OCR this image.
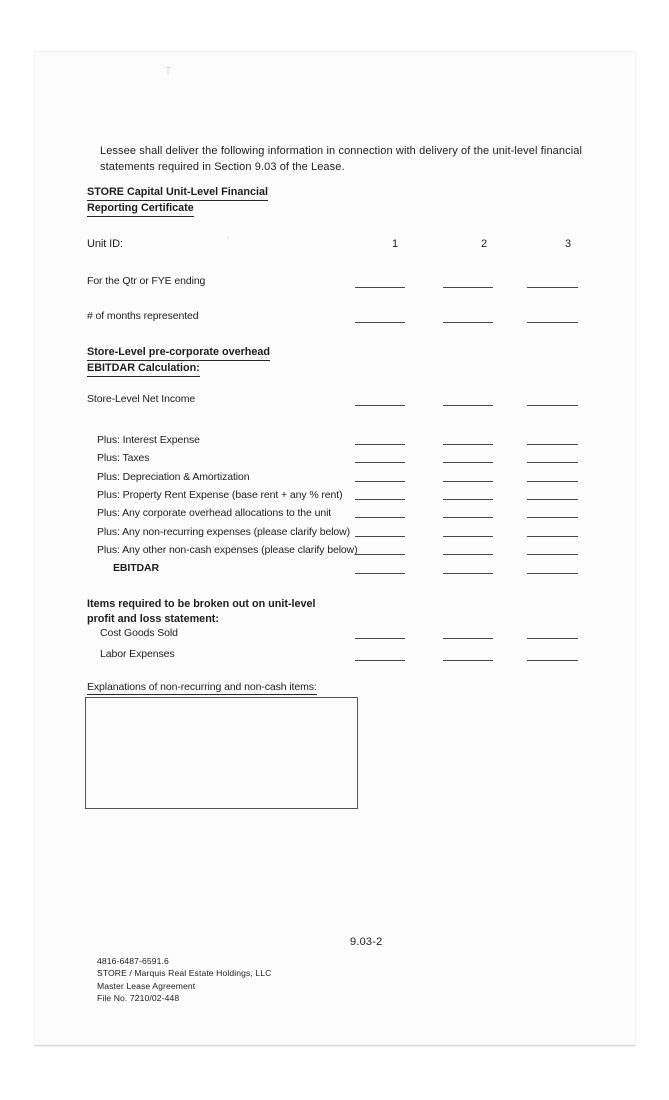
T
'
Lessee shall deliver the following information in connection with delivery of the unit-level financial statements required in Section 9.03 of the Lease.
STORE Capital Unit-Level Financial
Reporting Certificate
Unit ID:	1	2	3
For the Qtr or FYE ending
# of months represented
Store-Level pre-corporate overhead
EBITDAR Calculation:
Store-Level Net Income
Plus: Interest Expense
Plus: Taxes
Plus: Depreciation & Amortization
Plus: Property Rent Expense (base rent + any % rent)
Plus: Any corporate overhead allocations to the unit
Plus: Any non-recurring expenses (please clarify below)
Plus: Any other non-cash expenses (please clarify below)
EBITDAR
Items required to be broken out on unit-level
profit and loss statement:
Cost Goods Sold
Labor Expenses
Explanations of non-recurring and non-cash items:
9.03-2
4816-6487-6591.6
STORE / Marquis Real Estate Holdings, LLC
Master Lease Agreement
File No. 7210/02-448
